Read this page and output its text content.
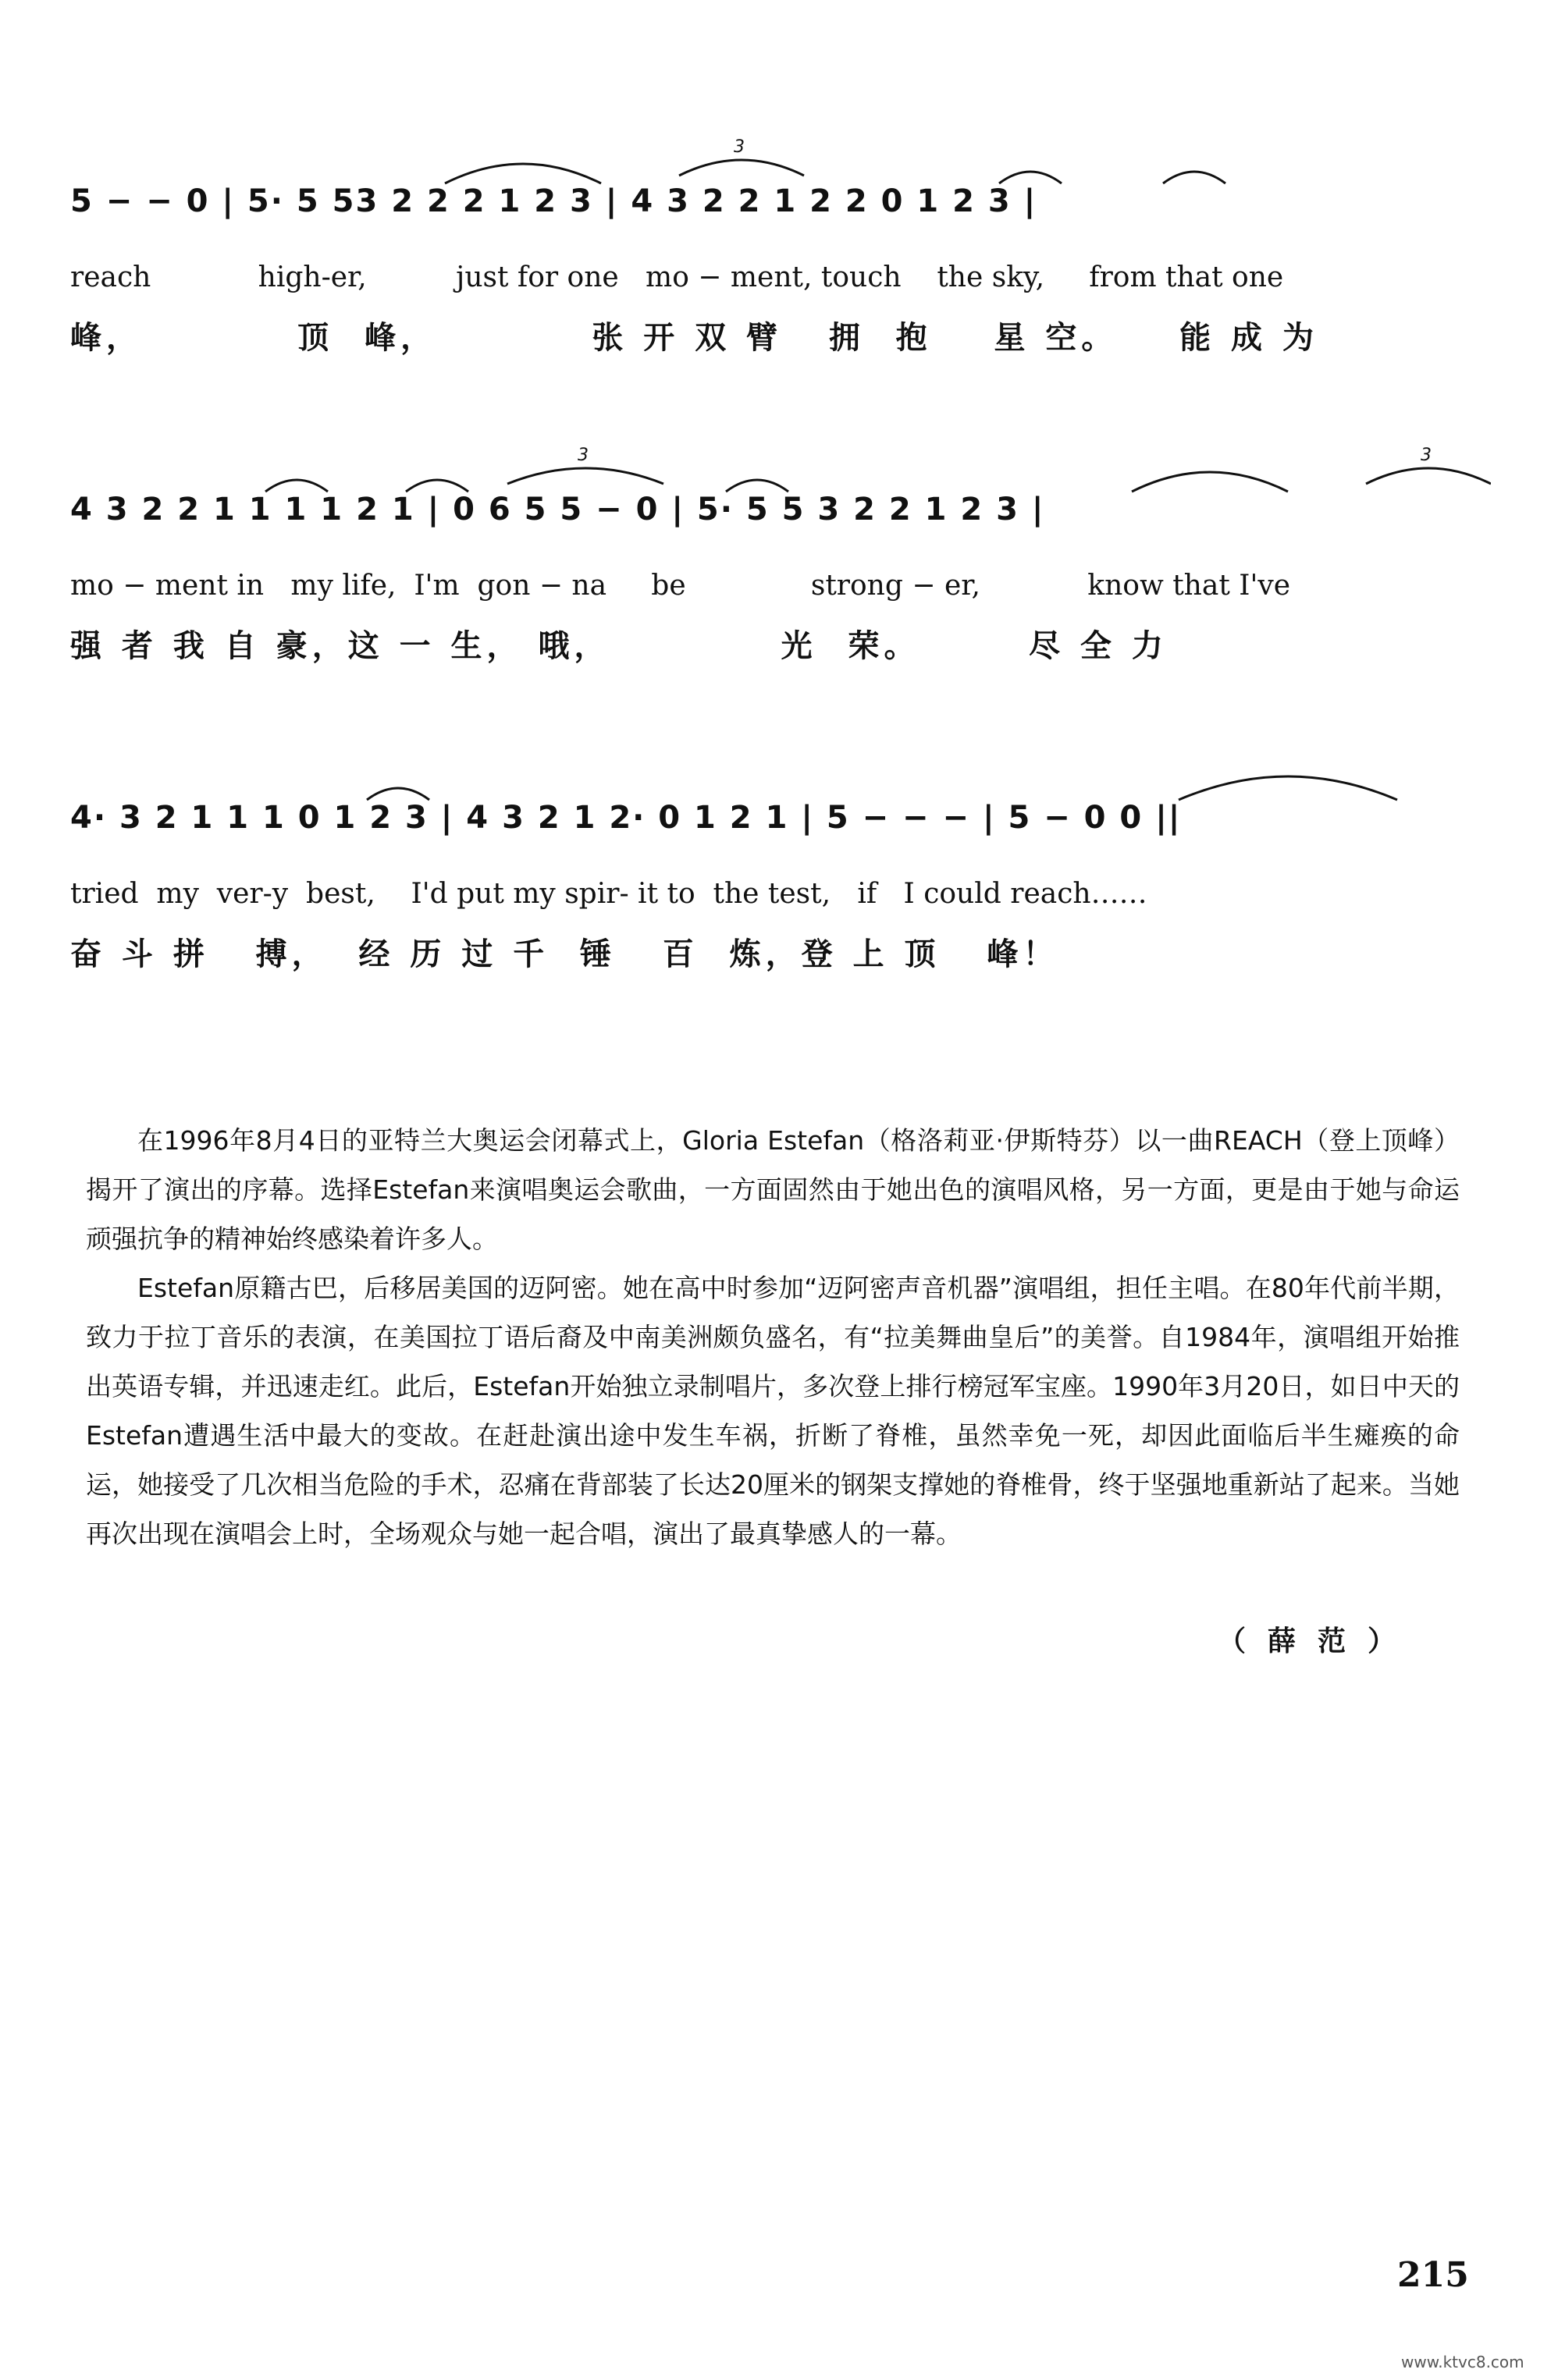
3
5 − − 0 | 5· 5 53 2 2 2 1 2 3 | 4 3 2 2 1 2 2 0 1 2 3 |
reach            high-er,          just for one   mo − ment, touch    the sky,     from that one
峰，          顶  峰，          张 开 双 臂   拥  抱    星 空。    能 成 为
3	3
4 3 2 2 1 1 1 1 2 1 | 0 6 5 5 − 0 | 5· 5 5 3 2 2 1 2 3 |
mo − ment in   my life,  I'm  gon − na     be              strong − er,            know that I've
强 者 我 自 豪，这 一 生， 哦，           光  荣。       尽 全 力
4· 3 2 1 1 1 0 1 2 3 | 4 3 2 1 2· 0 1 2 1 | 5 − − − | 5 − 0 0 ||
tried  my  ver-y  best,    I'd put my spir- it to  the test,   if   I could reach……
奋 斗 拼   搏，  经 历 过 千  锤   百  炼，登 上 顶   峰！

在1996年8月4日的亚特兰大奥运会闭幕式上，Gloria Estefan（格洛莉亚·伊斯特芬）以一曲REACH（登上顶峰）揭开了演出的序幕。选择Estefan来演唱奥运会歌曲，一方面固然由于她出色的演唱风格，另一方面，更是由于她与命运顽强抗争的精神始终感染着许多人。

Estefan原籍古巴，后移居美国的迈阿密。她在高中时参加“迈阿密声音机器”演唱组，担任主唱。在80年代前半期，致力于拉丁音乐的表演，在美国拉丁语后裔及中南美洲颇负盛名，有“拉美舞曲皇后”的美誉。自1984年，演唱组开始推出英语专辑，并迅速走红。此后，Estefan开始独立录制唱片，多次登上排行榜冠军宝座。1990年3月20日，如日中天的Estefan遭遇生活中最大的变故。在赶赴演出途中发生车祸，折断了脊椎，虽然幸免一死，却因此面临后半生瘫痪的命运，她接受了几次相当危险的手术，忍痛在背部装了长达20厘米的钢架支撑她的脊椎骨，终于坚强地重新站了起来。当她再次出现在演唱会上时，全场观众与她一起合唱，演出了最真挚感人的一幕。

（薛范）
215
www.ktvc8.com
